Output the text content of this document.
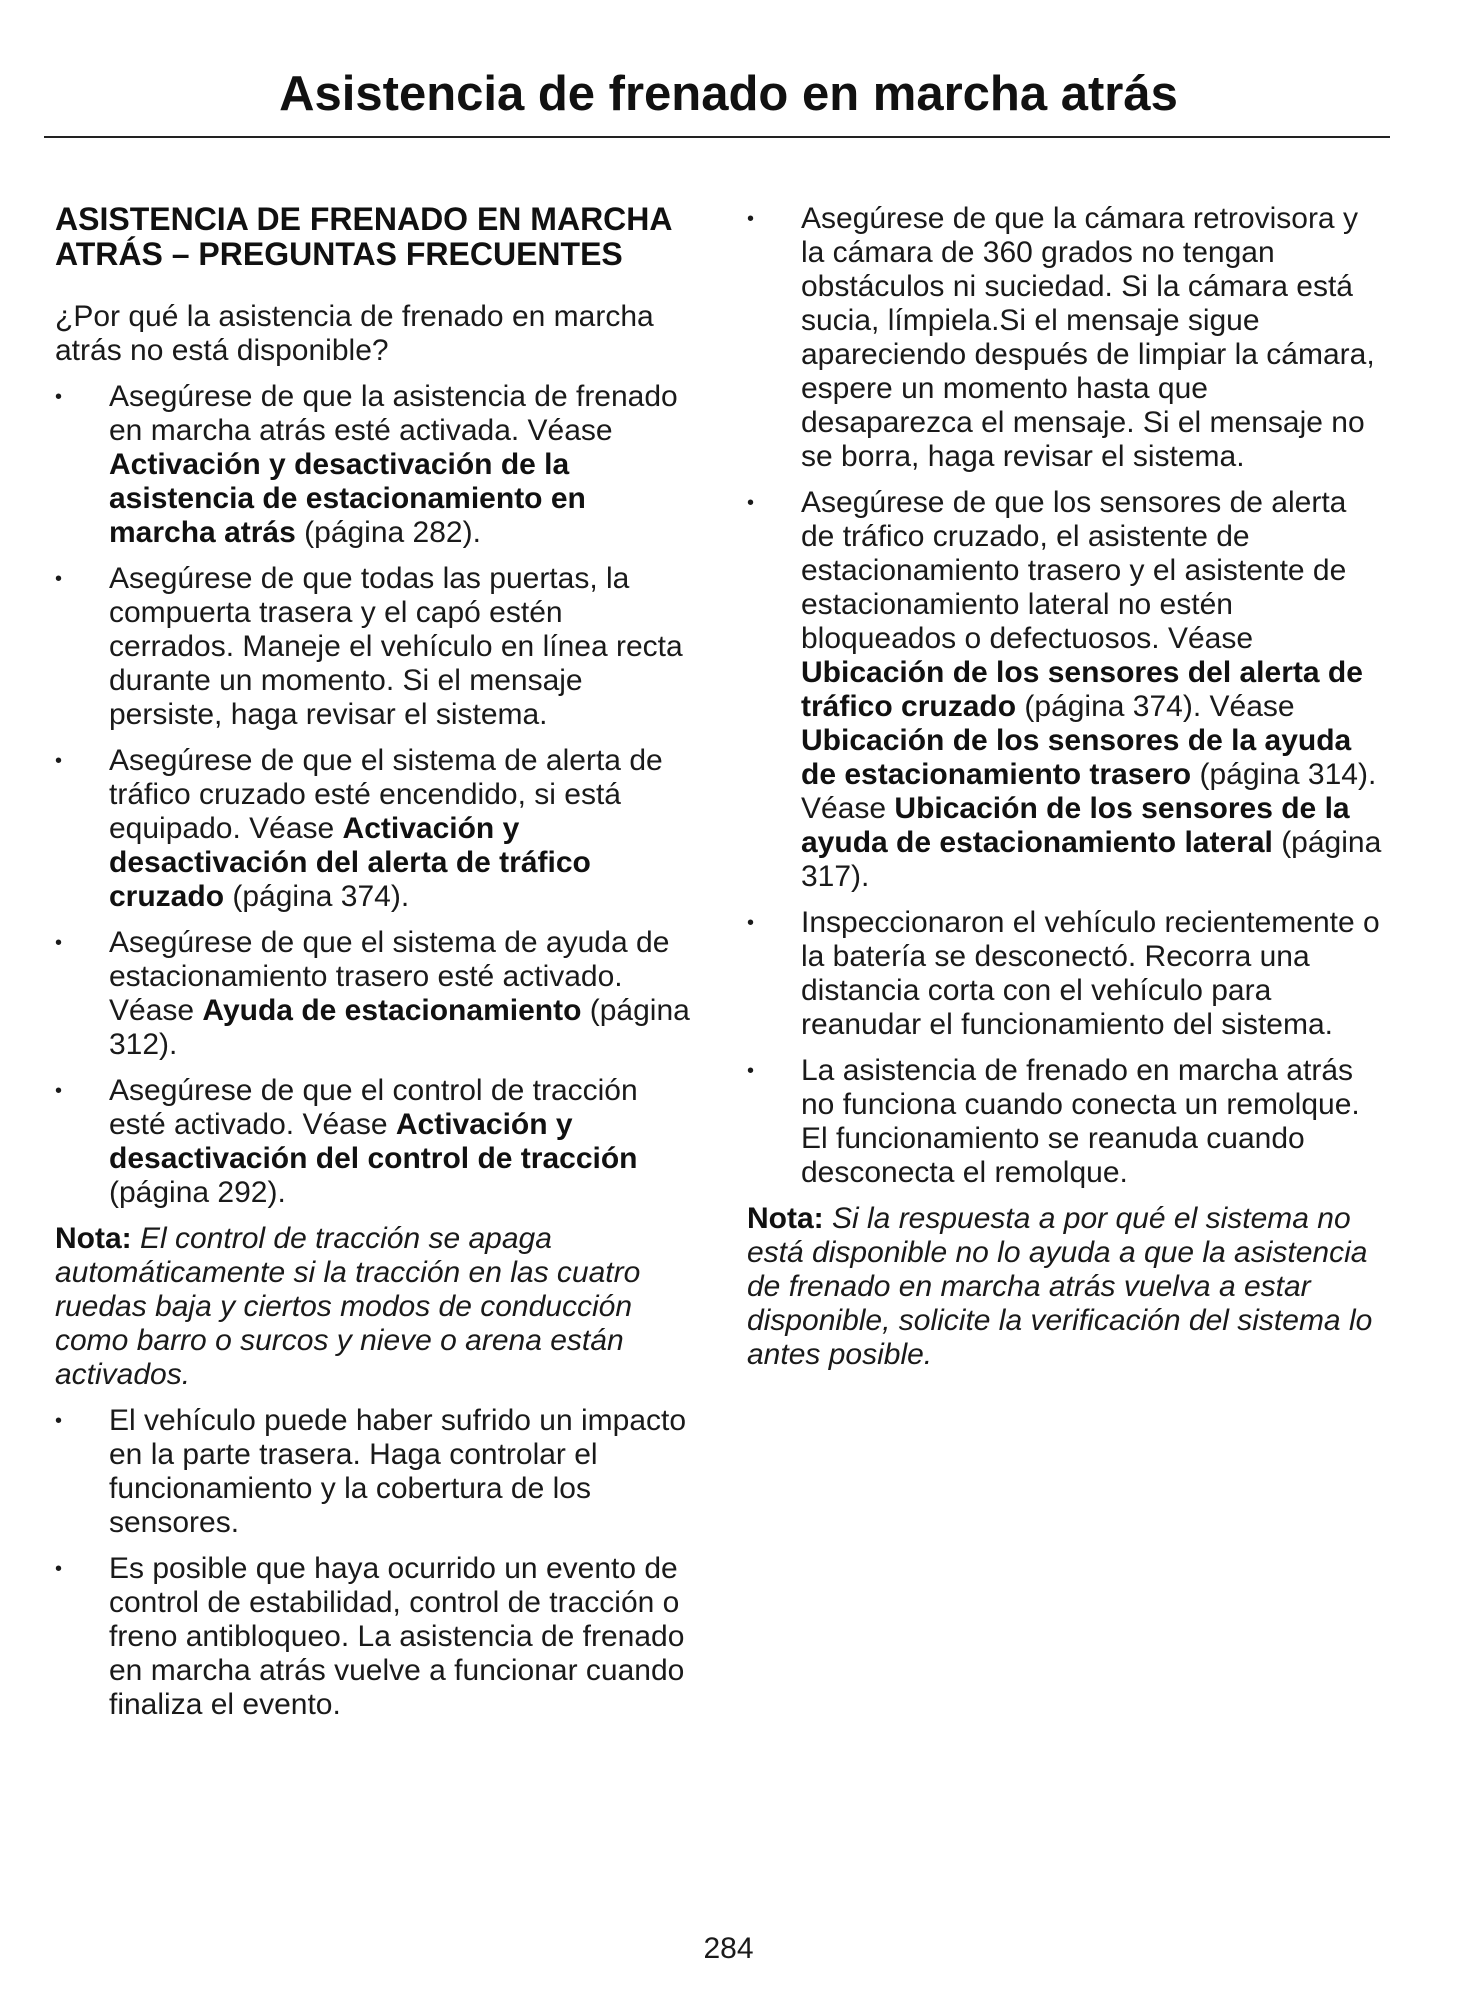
Asistencia de frenado en marcha atrás
ASISTENCIA DE FRENADO EN MARCHA ATRÁS – PREGUNTAS FRECUENTES

¿Por qué la asistencia de frenado en marcha atrás no está disponible?

• Asegúrese de que la asistencia de frenado en marcha atrás esté activada. Véase Activación y desactivación de la asistencia de estacionamiento en marcha atrás (página 282).
• Asegúrese de que todas las puertas, la compuerta trasera y el capó estén cerrados. Maneje el vehículo en línea recta durante un momento. Si el mensaje persiste, haga revisar el sistema.
• Asegúrese de que el sistema de alerta de tráfico cruzado esté encendido, si está equipado. Véase Activación y desactivación del alerta de tráfico cruzado (página 374).
• Asegúrese de que el sistema de ayuda de estacionamiento trasero esté activado. Véase Ayuda de estacionamiento (página 312).
• Asegúrese de que el control de tracción esté activado. Véase Activación y desactivación del control de tracción (página 292).

Nota: El control de tracción se apaga automáticamente si la tracción en las cuatro ruedas baja y ciertos modos de conducción como barro o surcos y nieve o arena están activados.

• El vehículo puede haber sufrido un impacto en la parte trasera. Haga controlar el funcionamiento y la cobertura de los sensores.
• Es posible que haya ocurrido un evento de control de estabilidad, control de tracción o freno antibloqueo. La asistencia de frenado en marcha atrás vuelve a funcionar cuando finaliza el evento.
• Asegúrese de que la cámara retrovisora y la cámara de 360 grados no tengan obstáculos ni suciedad. Si la cámara está sucia, límpiela.Si el mensaje sigue apareciendo después de limpiar la cámara, espere un momento hasta que desaparezca el mensaje. Si el mensaje no se borra, haga revisar el sistema.
• Asegúrese de que los sensores de alerta de tráfico cruzado, el asistente de estacionamiento trasero y el asistente de estacionamiento lateral no estén bloqueados o defectuosos. Véase Ubicación de los sensores del alerta de tráfico cruzado (página 374). Véase Ubicación de los sensores de la ayuda de estacionamiento trasero (página 314). Véase Ubicación de los sensores de la ayuda de estacionamiento lateral (página 317).
• Inspeccionaron el vehículo recientemente o la batería se desconectó. Recorra una distancia corta con el vehículo para reanudar el funcionamiento del sistema.
• La asistencia de frenado en marcha atrás no funciona cuando conecta un remolque. El funcionamiento se reanuda cuando desconecta el remolque.

Nota: Si la respuesta a por qué el sistema no está disponible no lo ayuda a que la asistencia de frenado en marcha atrás vuelva a estar disponible, solicite la verificación del sistema lo antes posible.

284
